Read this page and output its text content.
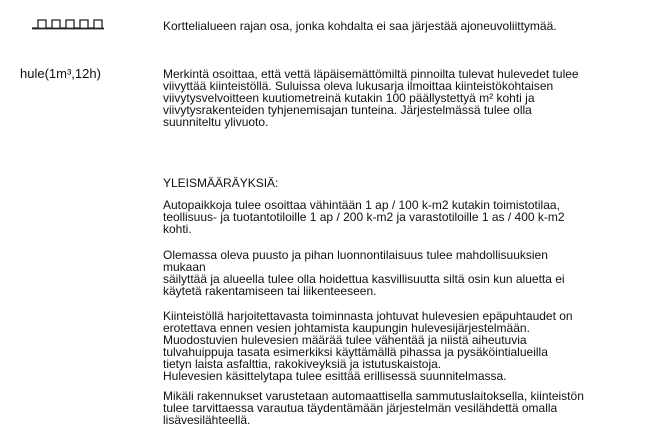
Korttelialueen rajan osa, jonka kohdalta ei saa järjestää ajoneuvoliittymää.
hule(1m³,12h)	Merkintä osoittaa, että vettä läpäisemättömiltä pinnoilta tulevat hulevedet tulee
viivyttää kiinteistöllä. Suluissa oleva lukusarja ilmoittaa kiinteistökohtaisen
viivytysvelvoitteen kuutiometreinä kutakin 100 päällystettyä m² kohti ja
viivytysrakenteiden tyhjenemisajan tunteina. Järjestelmässä tulee olla
suunniteltu ylivuoto.
YLEISMÄÄRÄYKSIÄ:
Autopaikkoja tulee osoittaa vähintään 1 ap / 100 k-m2 kutakin toimistotilaa,
teollisuus- ja tuotantotiloille 1 ap / 200 k-m2 ja varastotiloille 1 as / 400 k-m2
kohti.
Olemassa oleva puusto ja pihan luonnontilaisuus tulee mahdollisuuksien
mukaan
säilyttää ja alueella tulee olla hoidettua kasvillisuutta siltä osin kun aluetta ei
käytetä rakentamiseen tai liikenteeseen.
Kiinteistöllä harjoitettavasta toiminnasta johtuvat hulevesien epäpuhtaudet on
erotettava ennen vesien johtamista kaupungin hulevesijärjestelmään.
Muodostuvien hulevesien määrää tulee vähentää ja niistä aiheutuvia
tulvahuippuja tasata esimerkiksi käyttämällä pihassa ja pysäköintialueilla
tietyn laista asfalttia, rakokiveyksiä ja istutuskaistoja.
Hulevesien käsittelytapa tulee esittää erillisessä suunnitelmassa.
Mikäli rakennukset varustetaan automaattisella sammutuslaitoksella, kiinteistön
tulee tarvittaessa varautua täydentämään järjestelmän vesilähdettä omalla
lisävesilähteellä.
